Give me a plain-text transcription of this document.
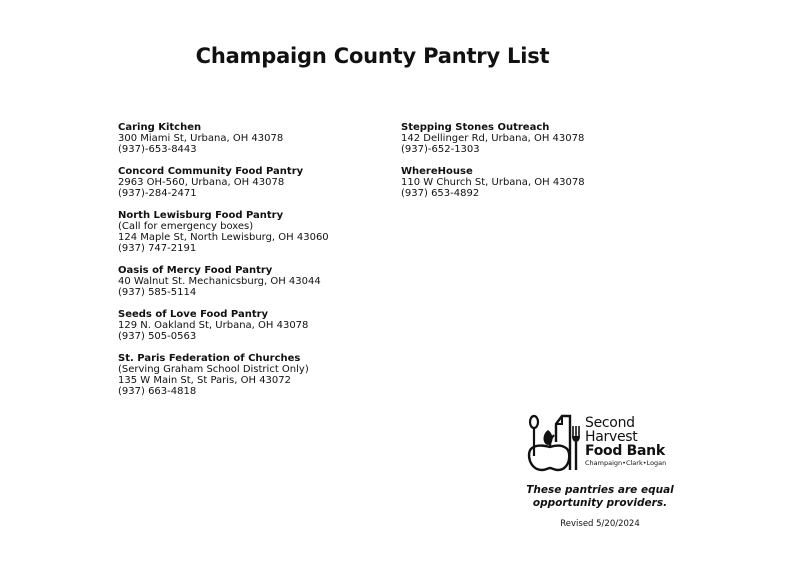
Champaign County Pantry List
Caring Kitchen
300 Miami St, Urbana, OH 43078
(937)-653-8443
Concord Community Food Pantry
2963 OH-560, Urbana, OH 43078
(937)-284-2471
North Lewisburg Food Pantry
(Call for emergency boxes)
124 Maple St, North Lewisburg, OH 43060
(937) 747-2191
Oasis of Mercy Food Pantry
40 Walnut St. Mechanicsburg, OH 43044
(937) 585-5114
Seeds of Love Food Pantry
129 N. Oakland St, Urbana, OH 43078
(937) 505-0563
St. Paris Federation of Churches
(Serving Graham School District Only)
135 W Main St, St Paris, OH 43072
(937) 663-4818
Stepping Stones Outreach
142 Dellinger Rd, Urbana, OH 43078
(937)-652-1303
WhereHouse
110 W Church St, Urbana, OH 43078
(937) 653-4892
Second
Harvest
Food Bank
Champaign•Clark•Logan
These pantries are equal
opportunity providers.
Revised 5/20/2024
